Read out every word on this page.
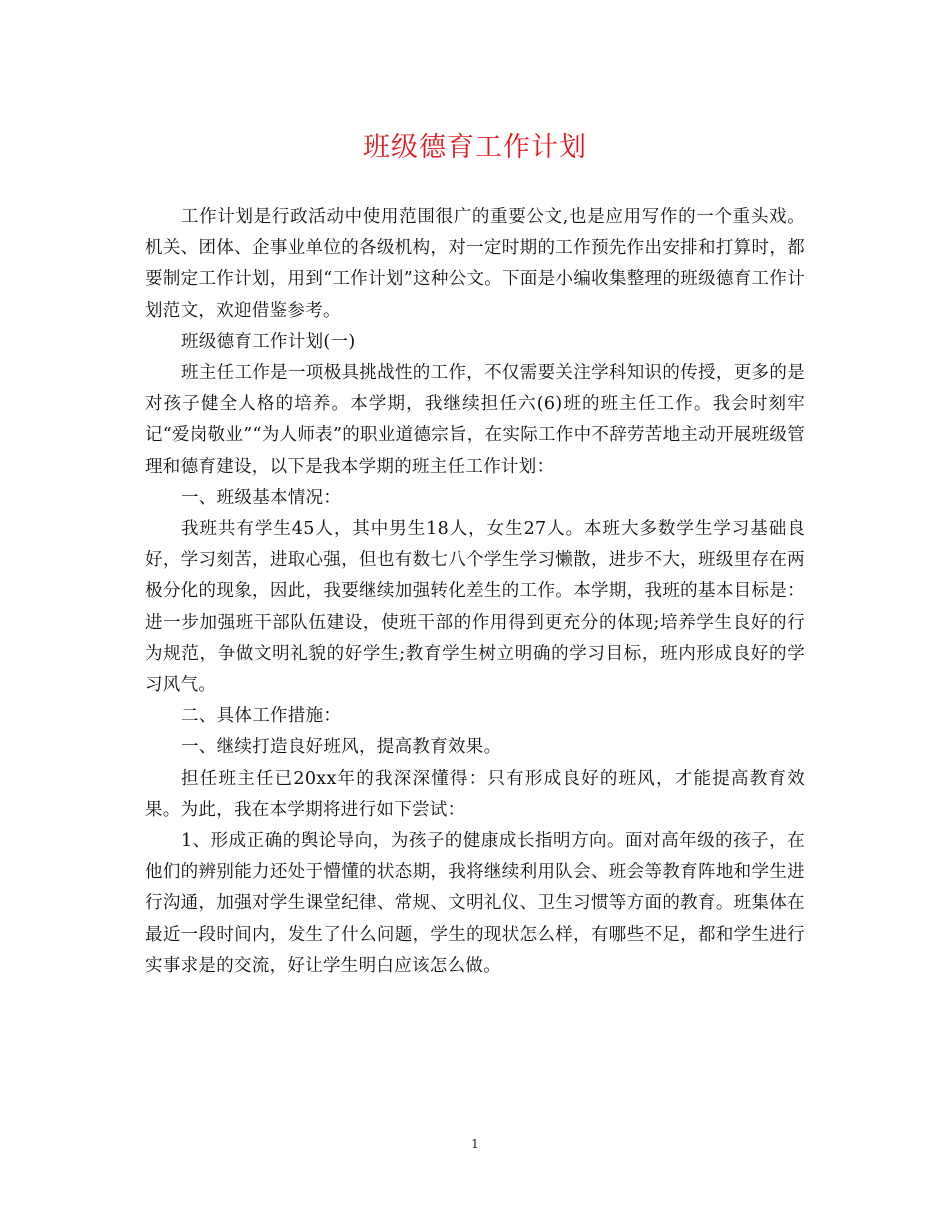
班级德育工作计划

工作计划是行政活动中使用范围很广的重要公文,也是应用写作的一个重头戏。机关、团体、企事业单位的各级机构，对一定时期的工作预先作出安排和打算时，都要制定工作计划，用到“工作计划”这种公文。下面是小编收集整理的班级德育工作计划范文，欢迎借鉴参考。

班级德育工作计划(一)

班主任工作是一项极具挑战性的工作，不仅需要关注学科知识的传授，更多的是对孩子健全人格的培养。本学期，我继续担任六(6)班的班主任工作。我会时刻牢记“爱岗敬业”“为人师表”的职业道德宗旨，在实际工作中不辞劳苦地主动开展班级管理和德育建设，以下是我本学期的班主任工作计划：

一、班级基本情况：

我班共有学生45人，其中男生18人，女生27人。本班大多数学生学习基础良好，学习刻苦，进取心强，但也有数七八个学生学习懒散，进步不大，班级里存在两极分化的现象，因此，我要继续加强转化差生的工作。本学期，我班的基本目标是：进一步加强班干部队伍建设，使班干部的作用得到更充分的体现;培养学生良好的行为规范，争做文明礼貌的好学生;教育学生树立明确的学习目标，班内形成良好的学习风气。

二、具体工作措施：

一、继续打造良好班风，提高教育效果。

担任班主任已20xx年的我深深懂得：只有形成良好的班风，才能提高教育效果。为此，我在本学期将进行如下尝试：

1、形成正确的舆论导向，为孩子的健康成长指明方向。面对高年级的孩子，在他们的辨别能力还处于懵懂的状态期，我将继续利用队会、班会等教育阵地和学生进行沟通，加强对学生课堂纪律、常规、文明礼仪、卫生习惯等方面的教育。班集体在最近一段时间内，发生了什么问题，学生的现状怎么样，有哪些不足，都和学生进行实事求是的交流，好让学生明白应该怎么做。

1
